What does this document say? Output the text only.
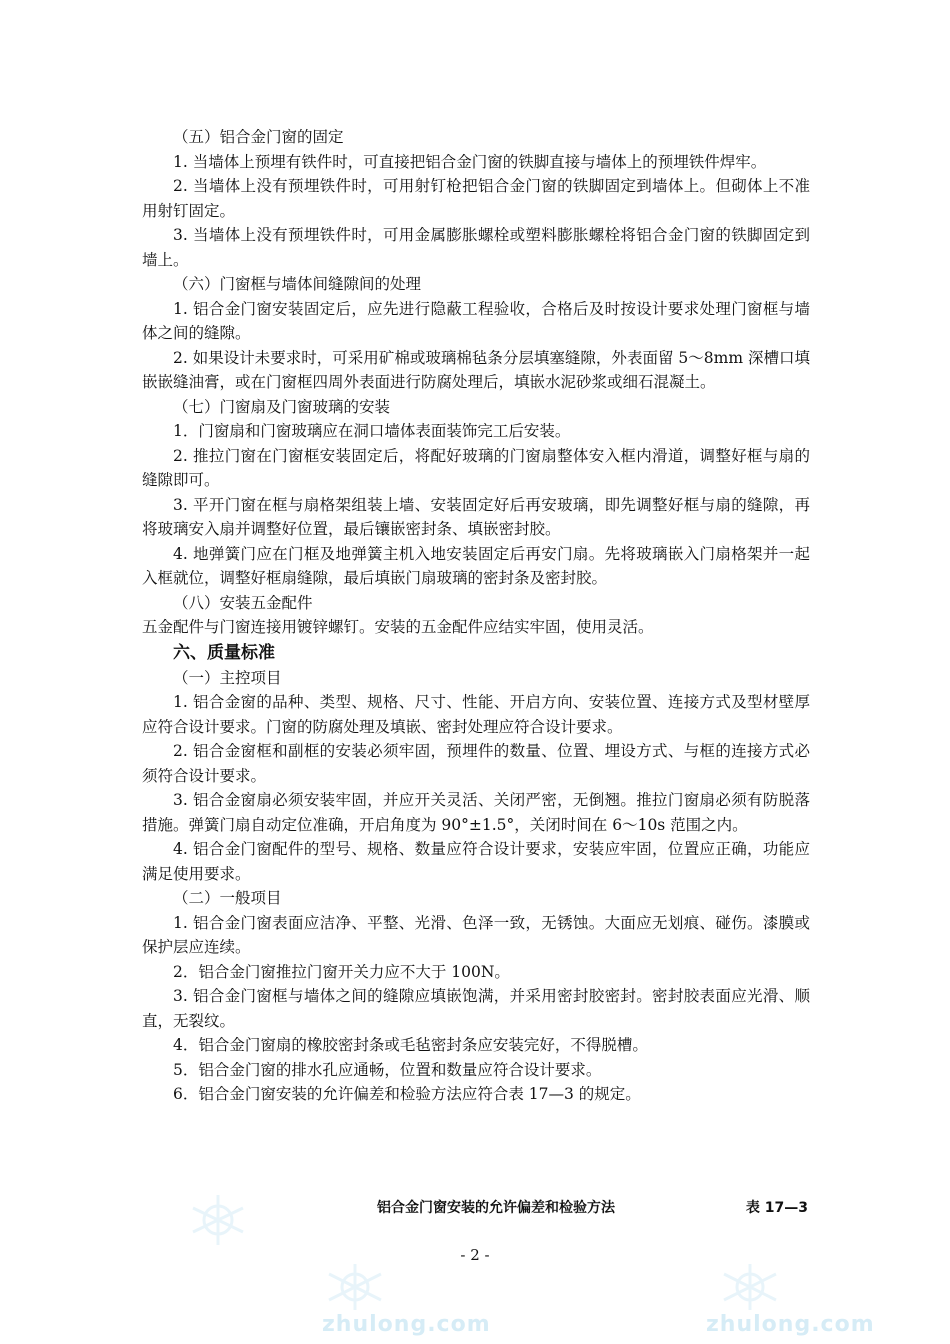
zhulong.com	zhulong.com

（五）铝合金门窗的固定

1. 当墙体上预埋有铁件时，可直接把铝合金门窗的铁脚直接与墙体上的预埋铁件焊牢。

2. 当墙体上没有预埋铁件时，可用射钉枪把铝合金门窗的铁脚固定到墙体上。但砌体上不准用射钉固定。

3. 当墙体上没有预埋铁件时，可用金属膨胀螺栓或塑料膨胀螺栓将铝合金门窗的铁脚固定到墙上。

（六）门窗框与墙体间缝隙间的处理

1. 铝合金门窗安装固定后，应先进行隐蔽工程验收，合格后及时按设计要求处理门窗框与墙体之间的缝隙。

2. 如果设计未要求时，可采用矿棉或玻璃棉毡条分层填塞缝隙，外表面留 5～8mm 深槽口填嵌嵌缝油膏，或在门窗框四周外表面进行防腐处理后，填嵌水泥砂浆或细石混凝土。

（七）门窗扇及门窗玻璃的安装

1．门窗扇和门窗玻璃应在洞口墙体表面装饰完工后安装。

2. 推拉门窗在门窗框安装固定后，将配好玻璃的门窗扇整体安入框内滑道，调整好框与扇的缝隙即可。

3. 平开门窗在框与扇格架组装上墙、安装固定好后再安玻璃，即先调整好框与扇的缝隙，再将玻璃安入扇并调整好位置，最后镶嵌密封条、填嵌密封胶。

4. 地弹簧门应在门框及地弹簧主机入地安装固定后再安门扇。先将玻璃嵌入门扇格架并一起入框就位，调整好框扇缝隙，最后填嵌门扇玻璃的密封条及密封胶。

（八）安装五金配件

五金配件与门窗连接用镀锌螺钉。安装的五金配件应结实牢固，使用灵活。

六、质量标准

（一）主控项目

1. 铝合金窗的品种、类型、规格、尺寸、性能、开启方向、安装位置、连接方式及型材壁厚应符合设计要求。门窗的防腐处理及填嵌、密封处理应符合设计要求。

2. 铝合金窗框和副框的安装必须牢固，预埋件的数量、位置、埋设方式、与框的连接方式必须符合设计要求。

3. 铝合金窗扇必须安装牢固，并应开关灵活、关闭严密，无倒翘。推拉门窗扇必须有防脱落措施。弹簧门扇自动定位准确，开启角度为 90°±1.5°，关闭时间在 6～10s 范围之内。

4. 铝合金门窗配件的型号、规格、数量应符合设计要求，安装应牢固，位置应正确，功能应满足使用要求。

（二）一般项目

1. 铝合金门窗表面应洁净、平整、光滑、色泽一致，无锈蚀。大面应无划痕、碰伤。漆膜或保护层应连续。

2．铝合金门窗推拉门窗开关力应不大于 100N。

3. 铝合金门窗框与墙体之间的缝隙应填嵌饱满，并采用密封胶密封。密封胶表面应光滑、顺直，无裂纹。

4．铝合金门窗扇的橡胶密封条或毛毡密封条应安装完好，不得脱槽。

5．铝合金门窗的排水孔应通畅，位置和数量应符合设计要求。

6．铝合金门窗安装的允许偏差和检验方法应符合表 17—3 的规定。

铝合金门窗安装的允许偏差和检验方法	表 17—3
- 2 -
